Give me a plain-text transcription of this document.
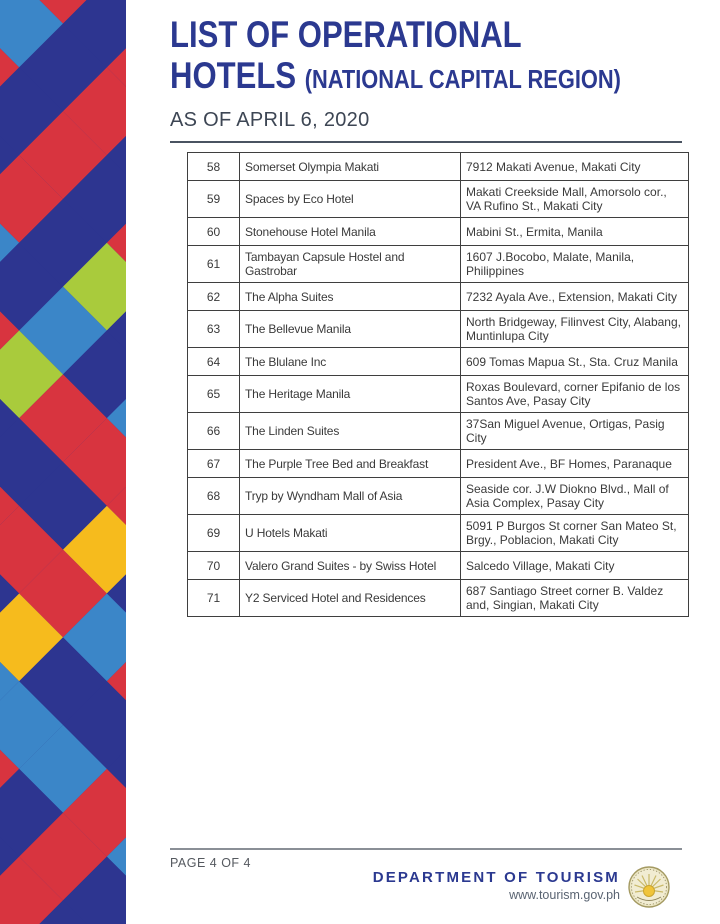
LIST OF OPERATIONAL
HOTELS (NATIONAL CAPITAL REGION)
AS OF APRIL 6, 2020
58	Somerset Olympia Makati	7912 Makati Avenue, Makati City
59	Spaces by Eco Hotel	Makati Creekside Mall, Amorsolo cor., VA Rufino St., Makati City
60	Stonehouse Hotel Manila	Mabini St., Ermita, Manila
61	Tambayan Capsule Hostel and Gastrobar	1607 J.Bocobo, Malate, Manila, Philippines
62	The Alpha Suites	7232 Ayala Ave., Extension, Makati City
63	The Bellevue Manila	North Bridgeway, Filinvest City, Alabang, Muntinlupa City
64	The Blulane Inc	609 Tomas Mapua St., Sta. Cruz Manila
65	The Heritage Manila	Roxas Boulevard, corner Epifanio de los Santos Ave, Pasay City
66	The Linden Suites	37San Miguel Avenue, Ortigas, Pasig City
67	The Purple Tree Bed and Breakfast	President Ave., BF Homes, Paranaque
68	Tryp by Wyndham Mall of Asia	Seaside cor. J.W Diokno Blvd., Mall of Asia Complex, Pasay City
69	U Hotels Makati	5091 P Burgos St corner San Mateo St, Brgy., Poblacion, Makati City
70	Valero Grand Suites - by Swiss Hotel	Salcedo Village, Makati City
71	Y2 Serviced Hotel and Residences	687 Santiago Street corner B. Valdez and, Singian, Makati City
PAGE 4 OF 4
DEPARTMENT OF TOURISM
www.tourism.gov.ph
